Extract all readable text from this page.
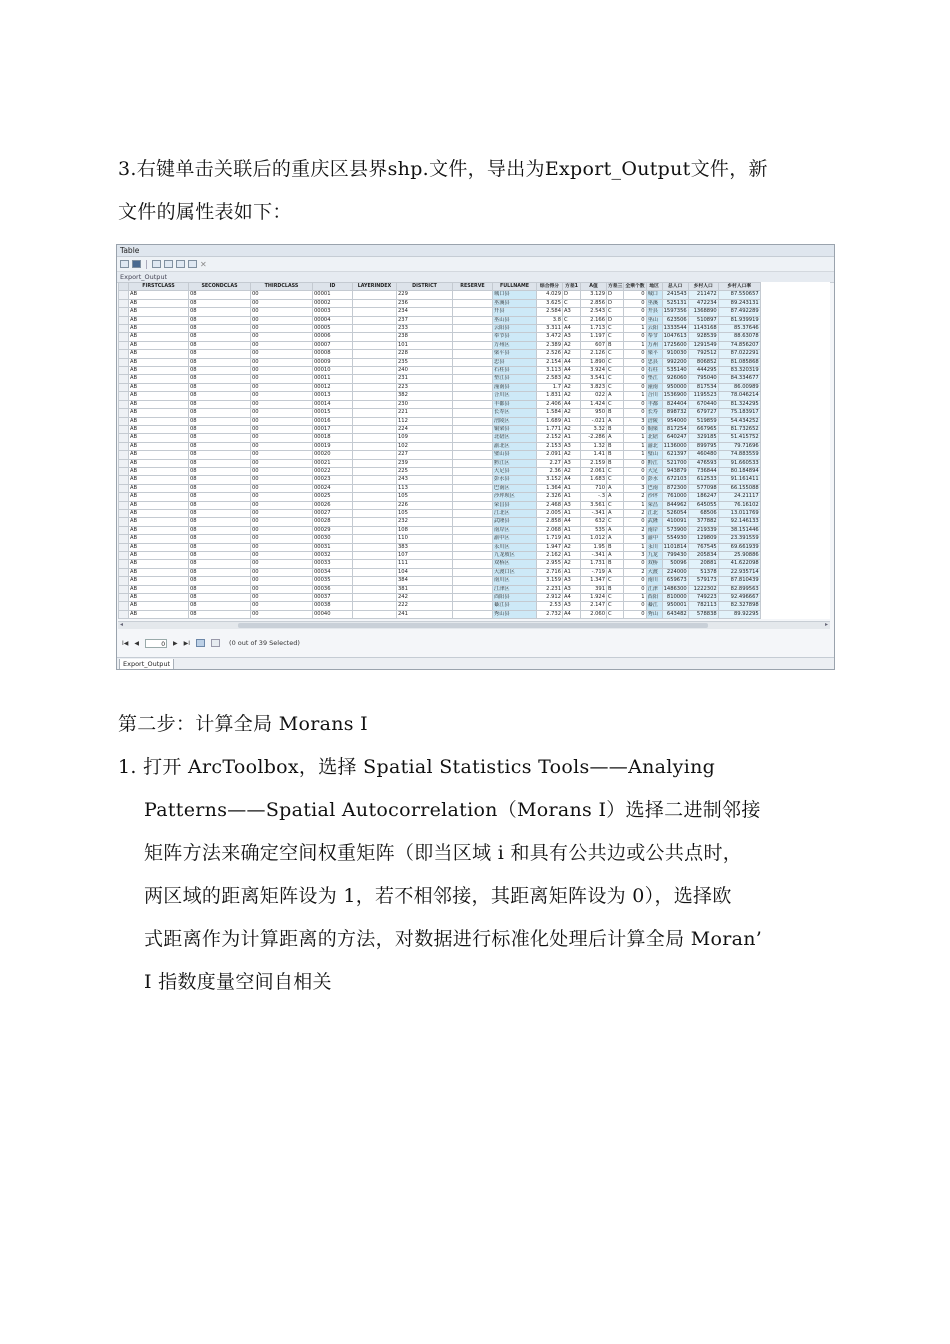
3.右键单击关联后的重庆区县界shp.文件，导出为Export_Output文件，新
文件的属性表如下：
Table
✕
Export_Output
	FIRSTCLASS	SECONDCLAS	THIRDCLASS	ID	LAYERINDEX	DISTRICT	RESERVE	FULLNAME	综合得分	方差1	A值	方差三	全乘个数	地区	总人口	乡村人口	乡村人口率
	AB	08	00	00001		229		城口县	4.029	D	3.129	D	0	城口	241543	211472	87.550657
	AB	08	00	00002		236		巫溪县	3.625	C	2.856	D	0	巫溪	525131	472234	89.243131
	AB	08	00	00003		234		开县	2.584	A3	2.543	C	0	开县	1597356	1368890	87.492289
	AB	08	00	00004		237		巫山县	3.8	C	2.166	D	0	巫山	623506	510897	81.939919
	AB	08	00	00005		233		云阳县	3.311	A4	1.713	C	1	云阳	1333544	1143168	85.37646
	AB	08	00	00006		238		奉节县	3.472	A3	1.197	C	0	奉节	1047613	928539	88.63078
	AB	08	00	00007		101		万州区	2.389	A2	607	B	1	万州	1725600	1291549	74.856207
	AB	08	00	00008		228		梁平县	2.526	A2	2.126	C	0	梁平	910030	792512	87.022291
	AB	08	00	00009		235		忠县	2.154	A4	1.890	C	0	忠县	992200	806852	81.085868
	AB	08	00	00010		240		石柱县	3.113	A4	3.924	C	0	石柱	535140	444295	83.320319
	AB	08	00	00011		231		垫江县	2.583	A2	3.541	C	0	垫江	926060	795040	84.334677
	AB	08	00	00012		223		潼南县	1.7	A2	3.823	C	0	潼南	950000	817534	86.00989
	AB	08	00	00013		382		合川区	1.831	A2	022	A	1	合川	1536900	1195523	78.046214
	AB	08	00	00014		230		丰都县	2.406	A4	1.424	C	0	丰都	824404	670440	81.324295
	AB	08	00	00015		221		长寿区	1.584	A2	950	B	0	长寿	898732	679727	75.183917
	AB	08	00	00016		112		涪陵区	1.689	A1	-.021	A	3	涪陵	954000	519859	54.434252
	AB	08	00	00017		224		铜梁县	1.771	A2	3.32	B	0	铜梁	817254	667965	81.732652
	AB	08	00	00018		109		北碚区	2.152	A1	-2.286	A	1	北碚	640247	329185	51.415752
	AB	08	00	00019		102		渝北区	2.153	A3	1.32	B	1	渝北	1136000	899795	79.71696
	AB	08	00	00020		227		璧山县	2.091	A2	1.41	B	1	璧山	621397	460480	74.883559
	AB	08	00	00021		239		黔江区	2.27	A3	2.159	B	0	黔江	521700	476593	91.660533
	AB	08	00	00022		225		大足县	2.36	A2	2.061	C	0	大足	943879	736844	80.184894
	AB	08	00	00023		243		彭水县	3.152	A4	1.683	C	0	彭水	672103	612533	91.161411
	AB	08	00	00024		113		巴南区	1.364	A1	710	A	3	巴南	872300	577098	66.155088
	AB	08	00	00025		105		沙坪坝区	2.326	A1	-.3	A	2	沙坪	761000	186247	24.21117
	AB	08	00	00026		226		荣昌县	2.468	A3	3.561	C	1	荣昌	844962	645055	76.16102
	AB	08	00	00027		105		江北区	2.005	A1	-.341	A	2	江北	526054	68506	13.011769
	AB	08	00	00028		232		武隆县	2.858	A4	632	C	0	武隆	410091	377882	92.146133
	AB	08	00	00029		108		南岸区	2.068	A1	535	A	2	南岸	573900	219339	38.151446
	AB	08	00	00030		110		渝中区	1.719	A1	1.012	A	3	渝中	554930	129809	23.391559
	AB	08	00	00031		383		永川区	1.947	A2	1.95	B	1	永川	1101814	767545	69.661939
	AB	08	00	00032		107		九龙坡区	2.162	A1	-.341	A	3	九龙	799430	205834	25.90886
	AB	08	00	00033		111		双桥区	2.955	A2	1.731	B	0	双桥	50096	20881	41.622098
	AB	08	00	00034		104		大渡口区	2.716	A1	-.719	A	2	大渡	224000	51378	22.935714
	AB	08	00	00035		384		南川区	3.159	A3	1.347	C	0	南川	659673	579173	87.810439
	AB	08	00	00036		381		江津区	2.231	A3	391	B	0	江津	1486300	1222302	82.899563
	AB	08	00	00037		242		酉阳县	2.912	A4	1.924	C	1	酉阳	810000	749223	92.496667
	AB	08	00	00038		222		綦江县	2.53	A3	2.147	C	0	綦江	950001	782113	82.327898
	AB	08	00	00040		241		秀山县	2.732	A4	2.060	C	0	秀山	643482	578838	89.92295
◂	▸
I◀ ◀	0	▶ ▶I	(0 out of 39 Selected)
Export_Output
第二步：计算全局 Morans I
1. 打开 ArcToolbox，选择 Spatial Statistics Tools——Analying
Patterns——Spatial Autocorrelation（Morans I）选择二进制邻接
矩阵方法来确定空间权重矩阵（即当区域 i 和具有公共边或公共点时，
两区域的距离矩阵设为 1，若不相邻接，其距离矩阵设为 0），选择欧
式距离作为计算距离的方法，对数据进行标准化处理后计算全局 Moran’
I 指数度量空间自相关
